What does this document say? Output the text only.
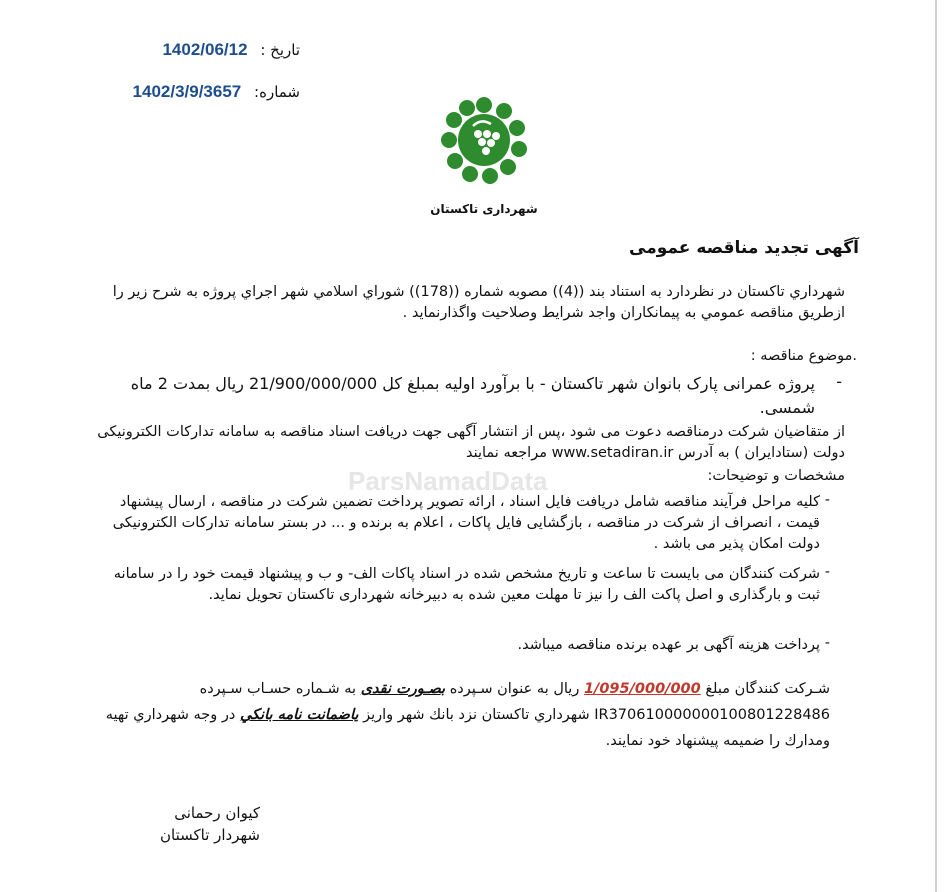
تاریخ : 1402/06/12
شماره: 1402/3/9/3657
شهرداری تاکستان
آگهی تجدید مناقصه عمومی
شهرداري تاكستان در نظردارد به استناد بند ((4)) مصوبه شماره ((178)) شوراي اسلامي شهر اجراي پروژه به شرح زير را ازطريق مناقصه عمومي به پيمانكاران واجد شرايط وصلاحيت واگذارنمايد .
.موضوع مناقصه :
-
پروژه عمرانی پارک بانوان شهر تاکستان - با برآورد اولیه بمبلغ کل 21/900/000/000 ریال بمدت 2 ماه شمسی.
از متقاضیان شرکت درمناقصه دعوت می شود ،پس از انتشار آگهی جهت دریافت اسناد مناقصه به سامانه تدارکات الکترونیکی دولت (ستادایران ) به آدرس www.setadiran.ir مراجعه نمایند
مشخصات و توضیحات:
-
کلیه مراحل فرآیند مناقصه شامل دریافت فایل اسناد ، ارائه تصویر پرداخت تضمین شرکت در مناقصه ، ارسال پیشنهاد قیمت ، انصراف از شرکت در مناقصه ، بازگشایی فایل پاکات ، اعلام به برنده و ... در بستر سامانه تدارکات الکترونیکی دولت امکان پذیر می باشد .
-
شرکت کنندگان می بایست تا ساعت و تاریخ مشخص شده در اسناد پاکات الف- و ب و پیشنهاد قیمت خود را در سامانه ثبت و بارگذاری و اصل پاکت الف را نیز تا مهلت معین شده به دبیرخانه شهرداری تاکستان تحویل نماید.
-
پرداخت هزینه آگهی بر عهده برنده مناقصه میباشد.
شـرکت کنندگان مبلغ 1/095/000/000 ریال به عنوان سـپرده بصـورت نقدی به شـماره حسـاب سـپرده IR370610000000100801228486 شهرداري تاكستان نزد بانك شهر واريز ياضمانت نامه بانكي در وجه شهرداري تهيه ومدارك را ضميمه پيشنهاد خود نمايند.
کیوان رحمانی
شهردار تاکستان
ParsNamadData
